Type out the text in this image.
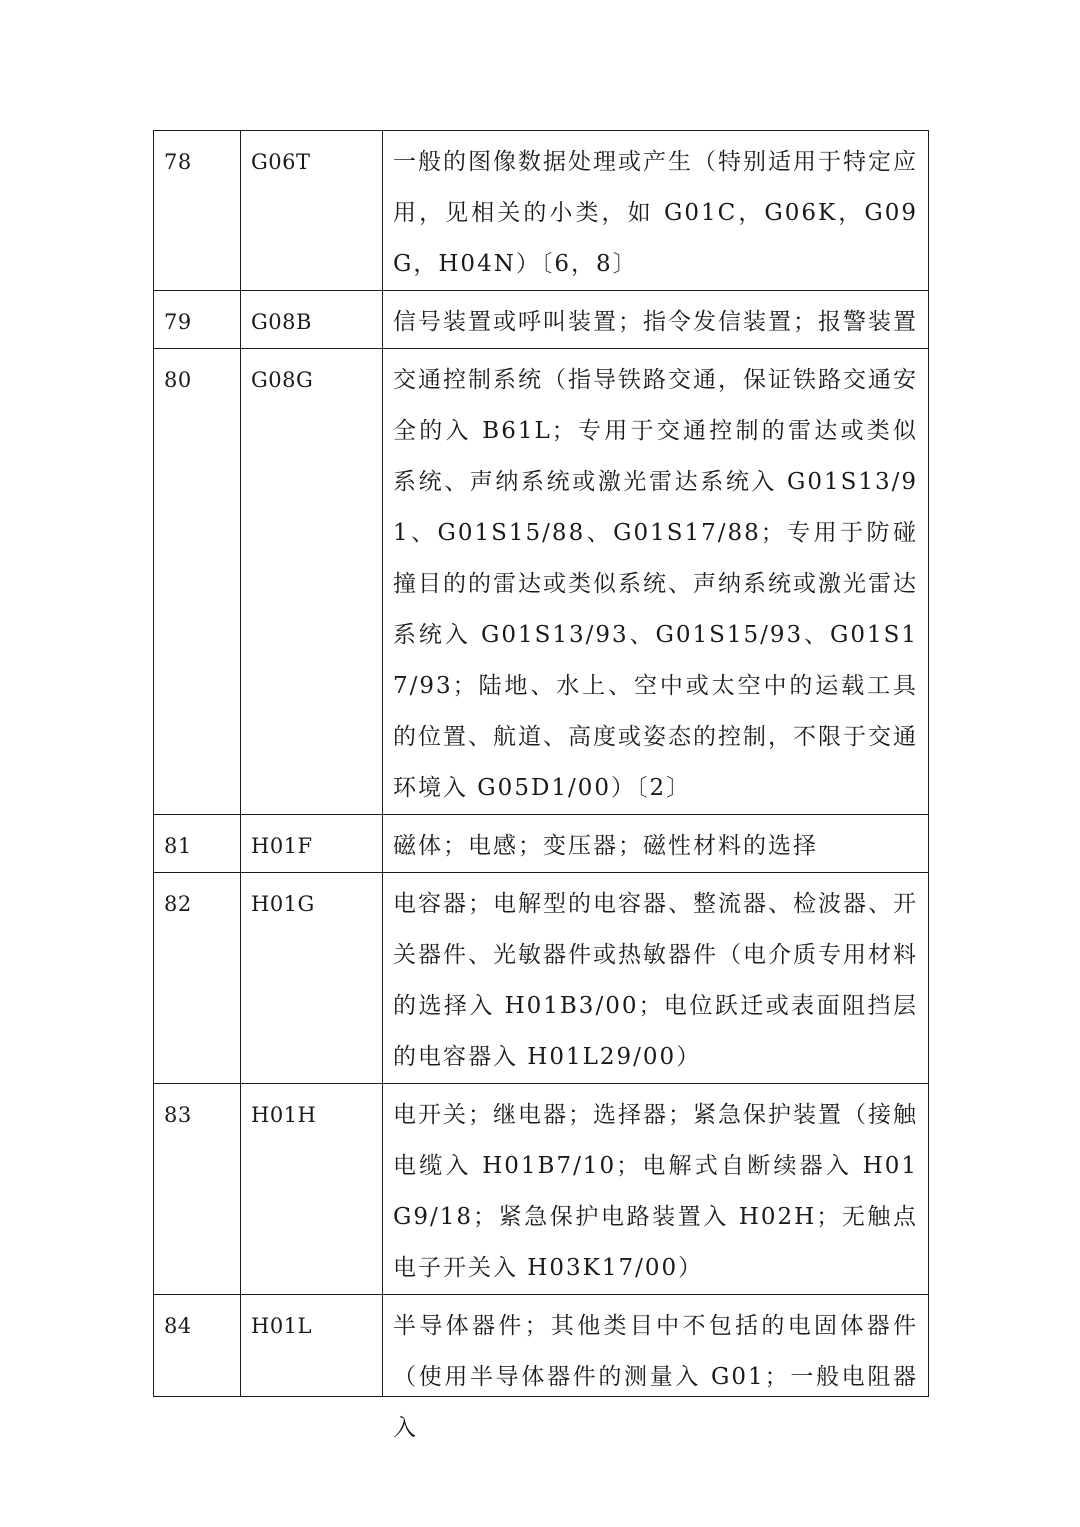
78	G06T	一般的图像数据处理或产生（特别适用于特定应用，见相关的小类，如 G01C，G06K，G09G，H04N）〔6，8〕

79	G08B	信号装置或呼叫装置；指令发信装置；报警装置

80	G08G	交通控制系统（指导铁路交通，保证铁路交通安全的入 B61L；专用于交通控制的雷达或类似系统、声纳系统或激光雷达系统入 G01S13/91、G01S15/88、G01S17/88；专用于防碰撞目的的雷达或类似系统、声纳系统或激光雷达系统入 G01S13/93、G01S15/93、G01S17/93；陆地、水上、空中或太空中的运载工具的位置、航道、高度或姿态的控制，不限于交通环境入 G05D1/00）〔2〕

81	H01F	磁体；电感；变压器；磁性材料的选择

82	H01G	电容器；电解型的电容器、整流器、检波器、开关器件、光敏器件或热敏器件（电介质专用材料的选择入 H01B3/00；电位跃迁或表面阻挡层的电容器入 H01L29/00）

83	H01H	电开关；继电器；选择器；紧急保护装置（接触电缆入 H01B7/10；电解式自断续器入 H01G9/18；紧急保护电路装置入 H02H；无触点电子开关入 H03K17/00）

84	H01L	半导体器件；其他类目中不包括的电固体器件（使用半导体器件的测量入 G01；一般电阻器入
